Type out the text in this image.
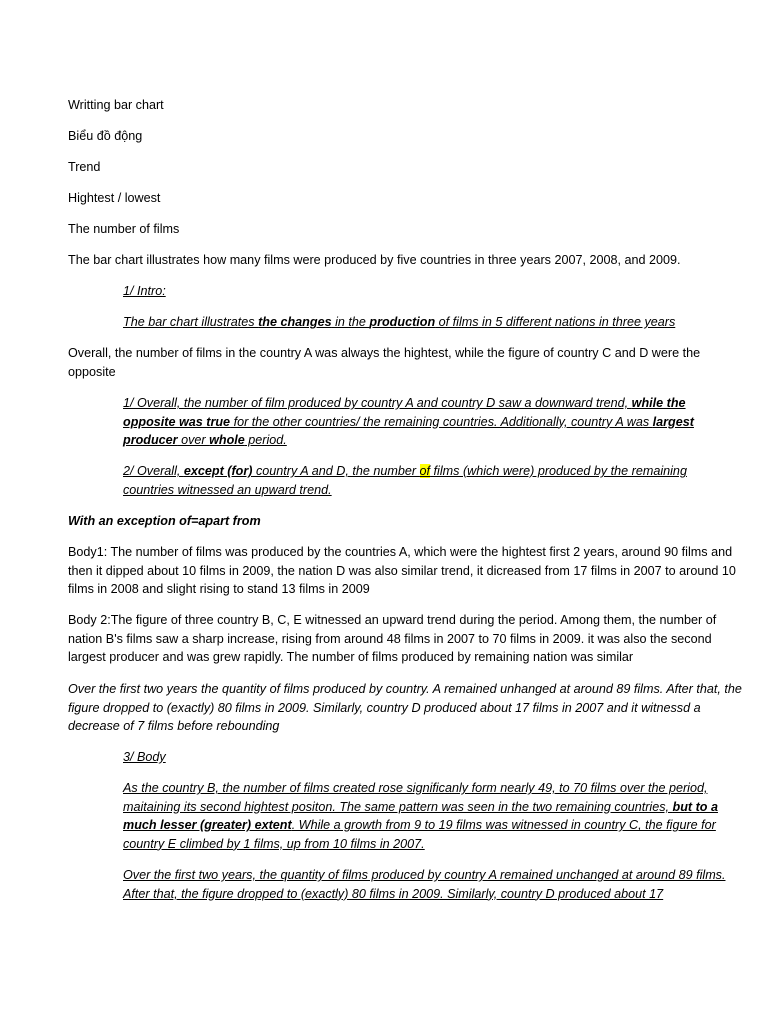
Writting bar chart

Biểu đồ động

Trend

Hightest / lowest

The number of films

The bar chart illustrates how many films were produced by five countries in three years 2007, 2008, and 2009.

1/ Intro:

The bar chart illustrates the changes in the production of films in 5 different nations in three years

Overall, the number of films in the country A was always the hightest, while the figure of country C and D were the opposite

1/ Overall, the number of film produced by country A and country D saw a downward trend, while the opposite was true for the other countries/ the remaining countries. Additionally, country A was largest producer over whole period.

2/ Overall, except (for) country A and D, the number of films (which were) produced by the remaining countries witnessed an upward trend.

With an exception of=apart from

Body1: The number of films was produced by the countries A, which were the hightest first 2 years, around 90 films and then it dipped about 10 films in 2009, the nation D was also similar trend, it dicreased from 17 films in 2007 to around 10 films in 2008 and slight rising to stand 13 films in 2009

Body 2:The figure of three country B, C, E witnessed an upward trend during the period. Among them, the number of nation B's films saw a sharp increase, rising from around 48 films in 2007 to 70 films in 2009. it was also the second largest producer and was grew rapidly. The number of films produced by remaining nation was similar

Over the first two years the quantity of films produced by country. A remained unhanged at around 89 films. After that, the figure dropped to (exactly) 80 films in 2009. Similarly, country D produced about 17 films in 2007 and it witnessd a decrease of 7 films before rebounding

3/ Body

As the country B, the number of films created rose significanly form nearly 49, to 70 films over the period, maitaining its second hightest positon. The same pattern was seen in the two remaining countries, but to a much lesser (greater) extent. While a growth from 9 to 19 films was witnessed in country C, the figure for country E climbed by 1 films, up from 10 films in 2007.

Over the first two years, the quantity of films produced by country A remained unchanged at around 89 films. After that, the figure dropped to (exactly) 80 films in 2009. Similarly, country D produced about 17
